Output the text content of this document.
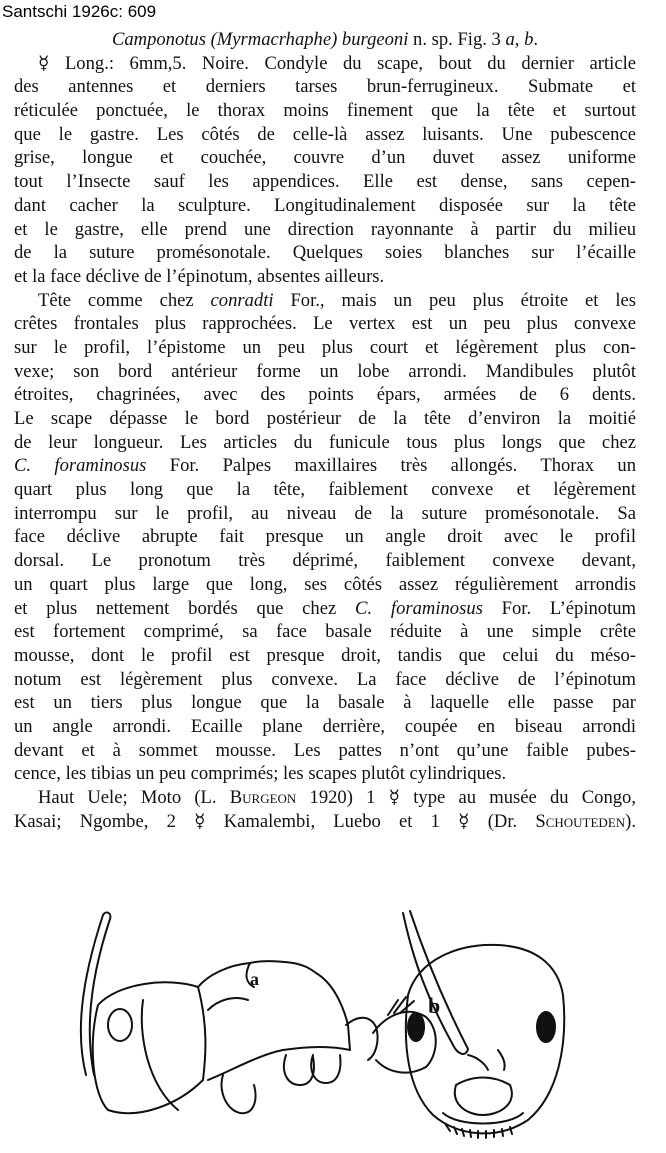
Santschi 1926c: 609
Camponotus (Myrmacrhaphe) burgeoni n. sp. Fig. 3 a, b.
☿ Long.: 6mm,5. Noire. Condyle du scape, bout du dernier article
des antennes et derniers tarses brun-ferrugineux. Submate et
réticulée ponctuée, le thorax moins finement que la tête et surtout
que le gastre. Les côtés de celle-là assez luisants. Une pubescence
grise, longue et couchée, couvre d’un duvet assez uniforme
tout l’Insecte sauf les appendices. Elle est dense, sans cepen-
dant cacher la sculpture. Longitudinalement disposée sur la tête
et le gastre, elle prend une direction rayonnante à partir du milieu
de la suture promésonotale. Quelques soies blanches sur l’écaille
et la face déclive de l’épinotum, absentes ailleurs.
Tête comme chez conradti For., mais un peu plus étroite et les
crêtes frontales plus rapprochées. Le vertex est un peu plus convexe
sur le profil, l’épistome un peu plus court et légèrement plus con-
vexe; son bord antérieur forme un lobe arrondi. Mandibules plutôt
étroites, chagrinées, avec des points épars, armées de 6 dents.
Le scape dépasse le bord postérieur de la tête d’environ la moitié
de leur longueur. Les articles du funicule tous plus longs que chez
C. foraminosus For. Palpes maxillaires très allongés. Thorax un
quart plus long que la tête, faiblement convexe et légèrement
interrompu sur le profil, au niveau de la suture promésonotale. Sa
face déclive abrupte fait presque un angle droit avec le profil
dorsal. Le pronotum très déprimé, faiblement convexe devant,
un quart plus large que long, ses côtés assez régulièrement arrondis
et plus nettement bordés que chez C. foraminosus For. L’épinotum
est fortement comprimé, sa face basale réduite à une simple crête
mousse, dont le profil est presque droit, tandis que celui du méso-
notum est légèrement plus convexe. La face déclive de l’épinotum
est un tiers plus longue que la basale à laquelle elle passe par
un angle arrondi. Ecaille plane derrière, coupée en biseau arrondi
devant et à sommet mousse. Les pattes n’ont qu’une faible pubes-
cence, les tibias un peu comprimés; les scapes plutôt cylindriques.
Haut Uele; Moto (L. Burgeon 1920) 1 ☿ type au musée du Congo,
Kasai; Ngombe, 2 ☿ Kamalembi, Luebo et 1 ☿ (Dr. Schouteden).
a
b
